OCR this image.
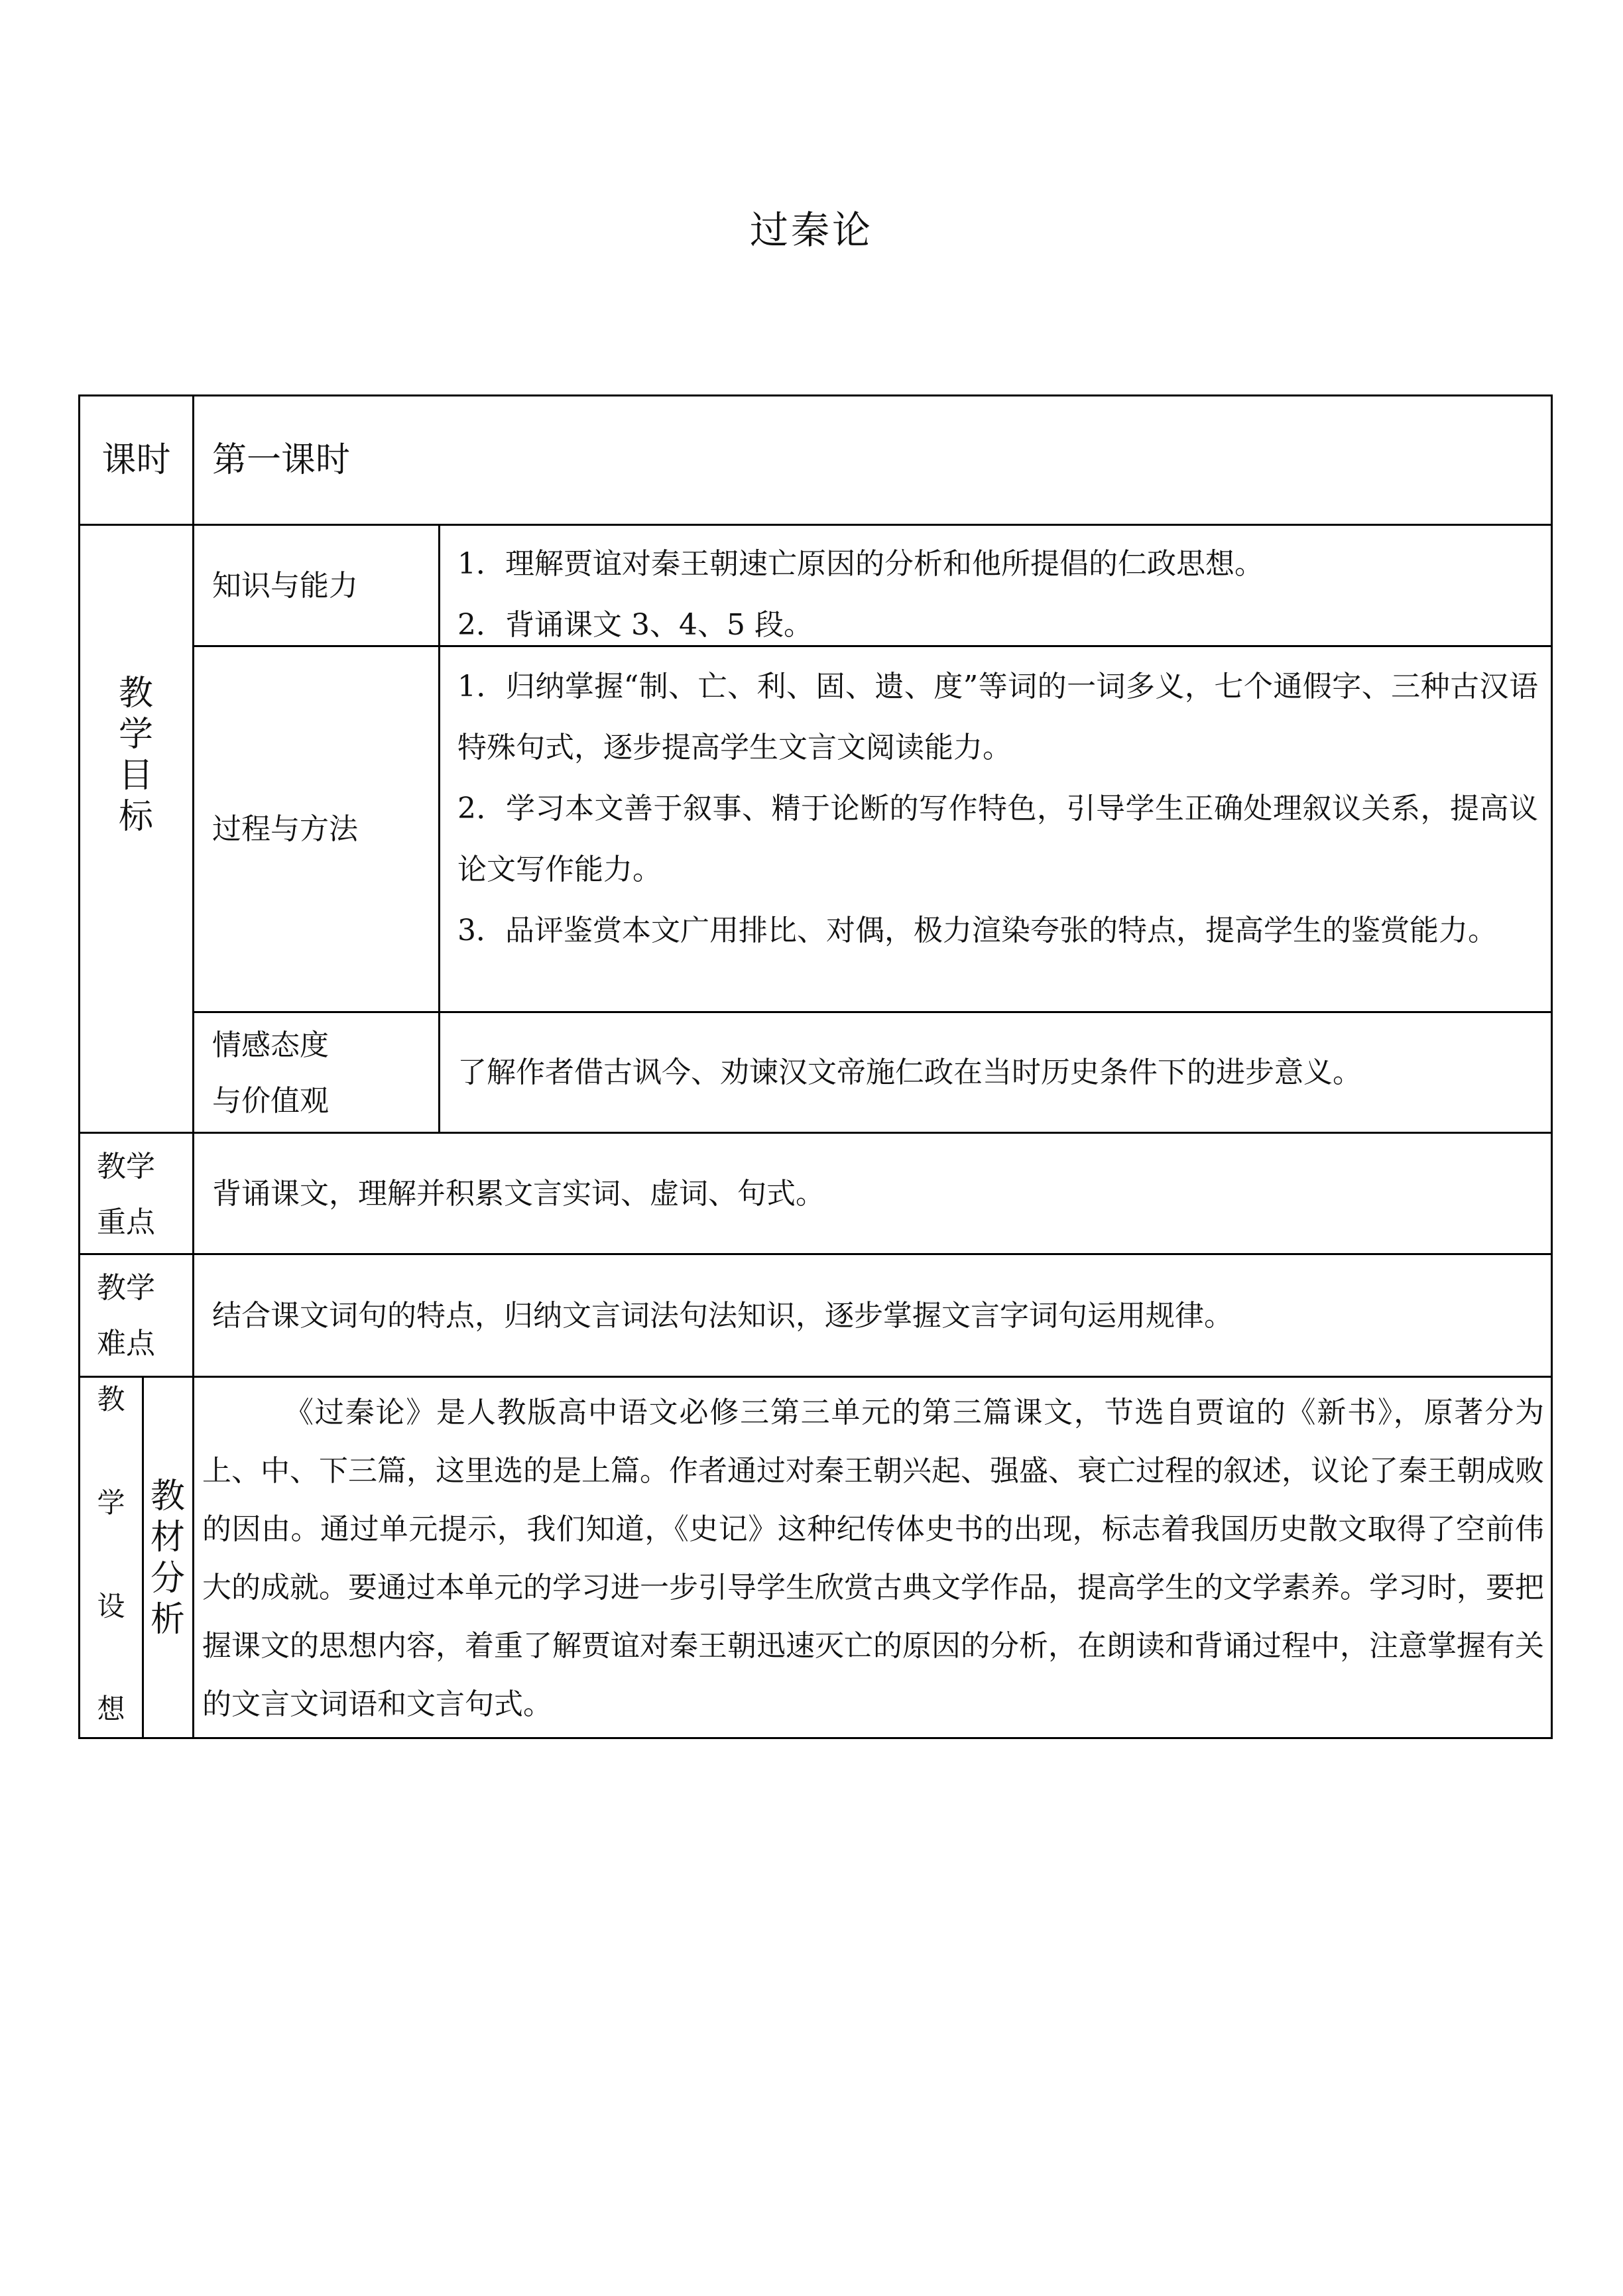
过秦论
课时	第一课时
教
学
目
标
知识与能力

1．理解贾谊对秦王朝速亡原因的分析和他所提倡的仁政思想。

2．背诵课文 3、4、5 段。

过程与方法

1．归纳掌握“制、亡、利、固、遗、度”等词的一词多义，七个通假字、三种古汉语特殊句式，逐步提高学生文言文阅读能力。

2．学习本文善于叙事、精于论断的写作特色，引导学生正确处理叙议关系，提高议论文写作能力。

3．品评鉴赏本文广用排比、对偶，极力渲染夸张的特点，提高学生的鉴赏能力。

情感态度
与价值观
了解作者借古讽今、劝谏汉文帝施仁政在当时历史条件下的进步意义。
教学
重点
背诵课文，理解并积累文言实词、虚词、句式。
教学
难点
结合课文词句的特点，归纳文言词法句法知识，逐步掌握文言字词句运用规律。
教
学
设
想
教
材
分
析
《过秦论》是人教版高中语文必修三第三单元的第三篇课文，节选自贾谊的《新书》，原著分为上、中、下三篇，这里选的是上篇。作者通过对秦王朝兴起、强盛、衰亡过程的叙述，议论了秦王朝成败的因由。通过单元提示，我们知道，《史记》这种纪传体史书的出现，标志着我国历史散文取得了空前伟大的成就。要通过本单元的学习进一步引导学生欣赏古典文学作品，提高学生的文学素养。学习时，要把握课文的思想内容，着重了解贾谊对秦王朝迅速灭亡的原因的分析，在朗读和背诵过程中，注意掌握有关的文言文词语和文言句式。
